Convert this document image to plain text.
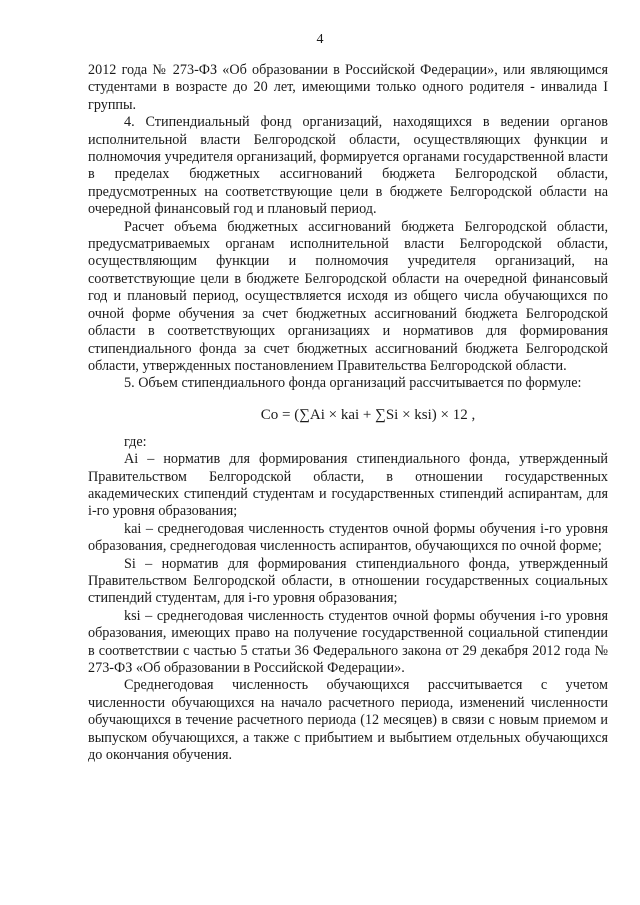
4

2012 года № 273-ФЗ «Об образовании в Российской Федерации», или являющимся студентами в возрасте до 20 лет, имеющими только одного родителя - инвалида I группы.

4. Стипендиальный фонд организаций, находящихся в ведении органов исполнительной власти Белгородской области, осуществляющих функции и полномочия учредителя организаций, формируется органами государственной власти в пределах бюджетных ассигнований бюджета Белгородской области, предусмотренных на соответствующие цели в бюджете Белгородской области на очередной финансовый год и плановый период.

Расчет объема бюджетных ассигнований бюджета Белгородской области, предусматриваемых органам исполнительной власти Белгородской области, осуществляющим функции и полномочия учредителя организаций, на соответствующие цели в бюджете Белгородской области на очередной финансовый год и плановый период, осуществляется исходя из общего числа обучающихся по очной форме обучения за счет бюджетных ассигнований бюджета Белгородской области в соответствующих организациях и нормативов для формирования стипендиального фонда за счет бюджетных ассигнований бюджета Белгородской области, утвержденных постановлением Правительства Белгородской области.

5. Объем стипендиального фонда организаций рассчитывается по формуле:

Со = (∑Ai × kai + ∑Si × ksi) × 12 ,

где:

Ai – норматив для формирования стипендиального фонда, утвержденный Правительством Белгородской области, в отношении государственных академических стипендий студентам и государственных стипендий аспирантам, для i-го уровня образования;

kai – среднегодовая численность студентов очной формы обучения i-го уровня образования, среднегодовая численность аспирантов, обучающихся по очной форме;

Si – норматив для формирования стипендиального фонда, утвержденный Правительством Белгородской области, в отношении государственных социальных стипендий студентам, для i-го уровня образования;

ksi – среднегодовая численность студентов очной формы обучения i-го уровня образования, имеющих право на получение государственной социальной стипендии в соответствии с частью 5 статьи 36 Федерального закона от 29 декабря 2012 года № 273-ФЗ «Об образовании в Российской Федерации».

Среднегодовая численность обучающихся рассчитывается с учетом численности обучающихся на начало расчетного периода, изменений численности обучающихся в течение расчетного периода (12 месяцев) в связи с новым приемом и выпуском обучающихся, а также с прибытием и выбытием отдельных обучающихся до окончания обучения.
